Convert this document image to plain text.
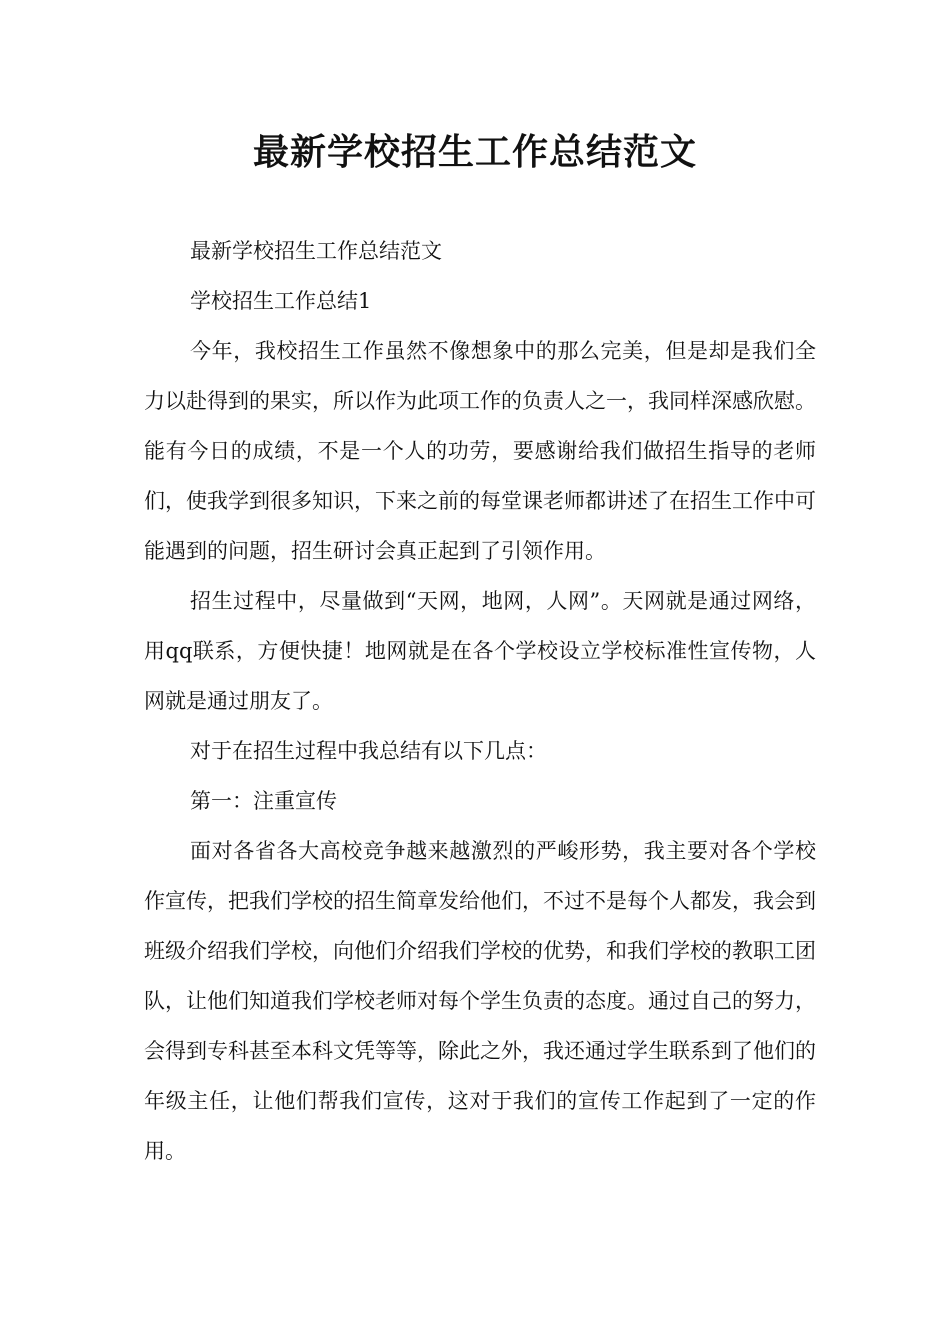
最新学校招生工作总结范文

最新学校招生工作总结范文

学校招生工作总结1

今年，我校招生工作虽然不像想象中的那么完美，但是却是我们全力以赴得到的果实，所以作为此项工作的负责人之一，我同样深感欣慰。能有今日的成绩，不是一个人的功劳，要感谢给我们做招生指导的老师们，使我学到很多知识，下来之前的每堂课老师都讲述了在招生工作中可能遇到的问题，招生研讨会真正起到了引领作用。

招生过程中，尽量做到“天网，地网，人网”。天网就是通过网络，用qq联系，方便快捷！地网就是在各个学校设立学校标准性宣传物，人网就是通过朋友了。

对于在招生过程中我总结有以下几点：

第一：注重宣传

面对各省各大高校竞争越来越激烈的严峻形势，我主要对各个学校作宣传，把我们学校的招生简章发给他们，不过不是每个人都发，我会到班级介绍我们学校，向他们介绍我们学校的优势，和我们学校的教职工团队，让他们知道我们学校老师对每个学生负责的态度。通过自己的努力，会得到专科甚至本科文凭等等，除此之外，我还通过学生联系到了他们的年级主任，让他们帮我们宣传，这对于我们的宣传工作起到了一定的作用。
